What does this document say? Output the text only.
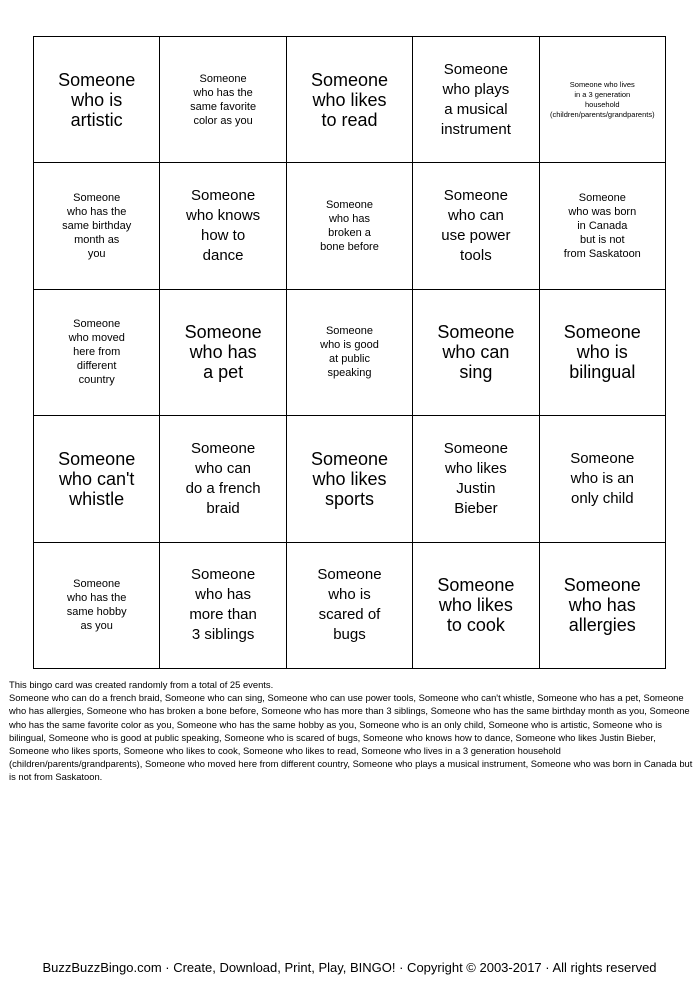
Someone
who is
artistic
Someone
who has the
same favorite
color as you
Someone
who likes
to read
Someone
who plays
a musical
instrument
Someone who lives
in a 3 generation
household
(children/parents/grandparents)
Someone
who has the
same birthday
month as
you
Someone
who knows
how to
dance
Someone
who has
broken a
bone before
Someone
who can
use power
tools
Someone
who was born
in Canada
but is not
from Saskatoon
Someone
who moved
here from
different
country
Someone
who has
a pet
Someone
who is good
at public
speaking
Someone
who can
sing
Someone
who is
bilingual
Someone
who can't
whistle
Someone
who can
do a french
braid
Someone
who likes
sports
Someone
who likes
Justin
Bieber
Someone
who is an
only child
Someone
who has the
same hobby
as you
Someone
who has
more than
3 siblings
Someone
who is
scared of
bugs
Someone
who likes
to cook
Someone
who has
allergies

This bingo card was created randomly from a total of 25 events.

Someone who can do a french braid, Someone who can sing, Someone who can use power tools, Someone who can't whistle, Someone who has a pet, Someone who has allergies, Someone who has broken a bone before, Someone who has more than 3 siblings, Someone who has the same birthday month as you, Someone who has the same favorite color as you, Someone who has the same hobby as you, Someone who is an only child, Someone who is artistic, Someone who is bilingual, Someone who is good at public speaking, Someone who is scared of bugs, Someone who knows how to dance, Someone who likes Justin Bieber, Someone who likes sports, Someone who likes to cook, Someone who likes to read, Someone who lives in a 3 generation household (children/parents/grandparents), Someone who moved here from different country, Someone who plays a musical instrument, Someone who was born in Canada but is not from Saskatoon.

BuzzBuzzBingo.com · Create, Download, Print, Play, BINGO! · Copyright © 2003-2017 · All rights reserved
